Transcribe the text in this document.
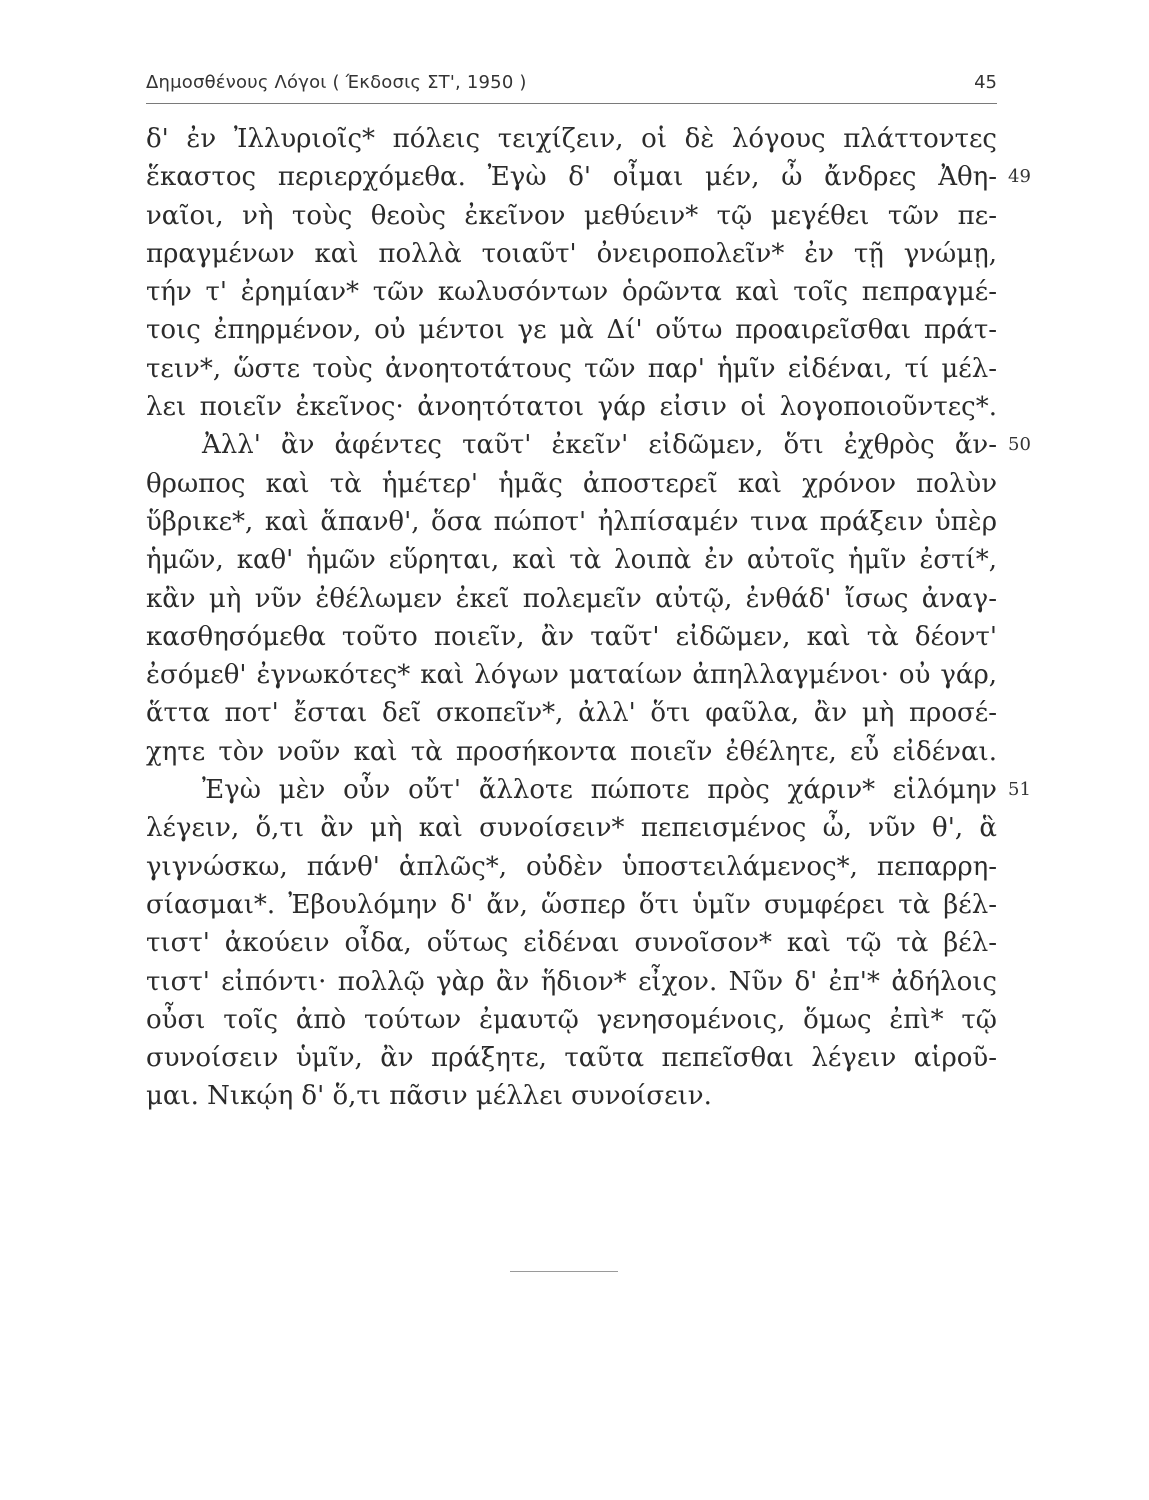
Δημοσθένους Λόγοι ( Έκδοσις ΣΤ', 1950 )	45
δ' ἐν Ἰλλυριοῖς* πόλεις τειχίζειν, οἱ δὲ λόγους πλάττοντες
ἕκαστος περιερχόμεθα. Ἐγὼ δ' οἶμαι μέν, ὦ ἄνδρες Ἀθη- 49
ναῖοι, νὴ τοὺς θεοὺς ἐκεῖνον μεθύειν* τῷ μεγέθει τῶν πε-
πραγμένων καὶ πολλὰ τοιαῦτ' ὀνειροπολεῖν* ἐν τῇ γνώμῃ,
τήν τ' ἐρημίαν* τῶν κωλυσόντων ὁρῶντα καὶ τοῖς πεπραγμέ-
τοις ἐπηρμένον, οὐ μέντοι γε μὰ Δί' οὕτω προαιρεῖσθαι πράτ-
τειν*, ὥστε τοὺς ἀνοητοτάτους τῶν παρ' ἡμῖν εἰδέναι, τί μέλ-
λει ποιεῖν ἐκεῖνος· ἀνοητότατοι γάρ εἰσιν οἱ λογοποιοῦντες*.
Ἀλλ' ἂν ἀφέντες ταῦτ' ἐκεῖν' εἰδῶμεν, ὅτι ἐχθρὸς ἄν- 50
θρωπος καὶ τὰ ἡμέτερ' ἡμᾶς ἀποστερεῖ καὶ χρόνον πολὺν
ὕβρικε*, καὶ ἅπανθ', ὅσα πώποτ' ἠλπίσαμέν τινα πράξειν ὑπὲρ
ἡμῶν, καθ' ἡμῶν εὕρηται, καὶ τὰ λοιπὰ ἐν αὐτοῖς ἡμῖν ἐστί*,
κἂν μὴ νῦν ἐθέλωμεν ἐκεῖ πολεμεῖν αὐτῷ, ἐνθάδ' ἴσως ἀναγ-
κασθησόμεθα τοῦτο ποιεῖν, ἂν ταῦτ' εἰδῶμεν, καὶ τὰ δέοντ'
ἐσόμεθ' ἐγνωκότες* καὶ λόγων ματαίων ἀπηλλαγμένοι· οὐ γάρ,
ἅττα ποτ' ἔσται δεῖ σκοπεῖν*, ἀλλ' ὅτι φαῦλα, ἂν μὴ προσέ-
χητε τὸν νοῦν καὶ τὰ προσήκοντα ποιεῖν ἐθέλητε, εὖ εἰδέναι.
Ἐγὼ μὲν οὖν οὔτ' ἄλλοτε πώποτε πρὸς χάριν* εἱλόμην 51
λέγειν, ὅ,τι ἂν μὴ καὶ συνοίσειν* πεπεισμένος ὦ, νῦν θ', ἃ
γιγνώσκω, πάνθ' ἁπλῶς*, οὐδὲν ὑποστειλάμενος*, πεπαρρη-
σίασμαι*. Ἐβουλόμην δ' ἄν, ὥσπερ ὅτι ὑμῖν συμφέρει τὰ βέλ-
τιστ' ἀκούειν οἶδα, οὕτως εἰδέναι συνοῖσον* καὶ τῷ τὰ βέλ-
τιστ' εἰπόντι· πολλῷ γὰρ ἂν ἥδιον* εἶχον. Νῦν δ' ἐπ'* ἀδήλοις
οὖσι τοῖς ἀπὸ τούτων ἐμαυτῷ γενησομένοις, ὅμως ἐπὶ* τῷ
συνοίσειν ὑμῖν, ἂν πράξητε, ταῦτα πεπεῖσθαι λέγειν αἱροῦ-
μαι. Νικῴη δ' ὅ,τι πᾶσιν μέλλει συνοίσειν.
